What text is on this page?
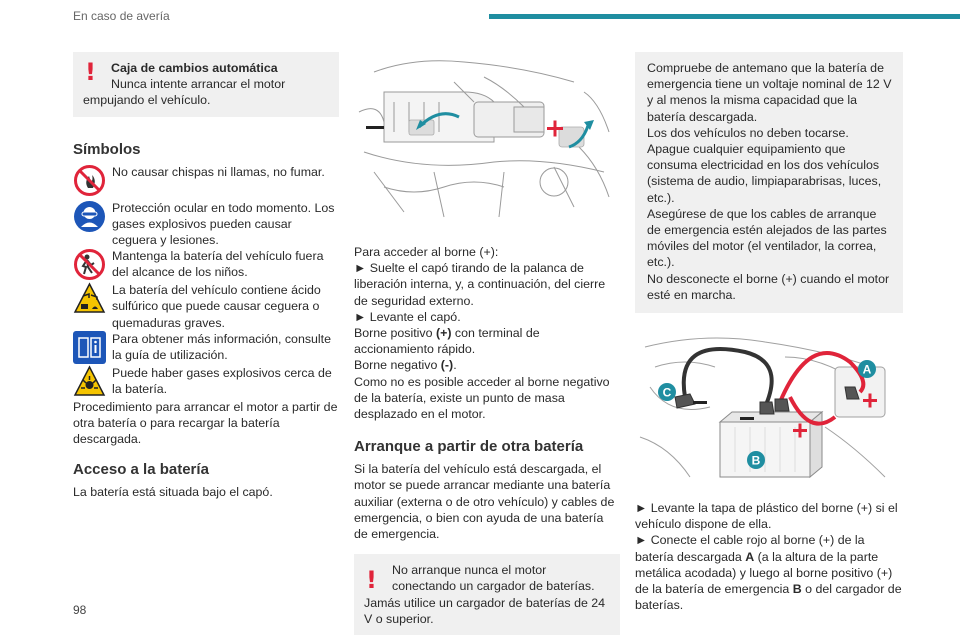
En caso de avería
!	Caja de cambios automática
Nunca intente arrancar el motor
empujando el vehículo.
Símbolos
No causar chispas ni llamas, no fumar.
Protección ocular en todo momento. Los gases explosivos pueden causar ceguera y lesiones.
Mantenga la batería del vehículo fuera del alcance de los niños.
La batería del vehículo contiene ácido sulfúrico que puede causar ceguera o quemaduras graves.
Para obtener más información, consulte la guía de utilización.
Puede haber gases explosivos cerca de la batería.
Procedimiento para arrancar el motor a partir de otra batería o para recargar la batería descargada.
Acceso a la batería
La batería está situada bajo el capó.
Para acceder al borne (+):
► Suelte el capó tirando de la palanca de liberación interna, y, a continuación, del cierre de seguridad externo.
► Levante el capó.
Borne positivo (+) con terminal de accionamiento rápido.
Borne negativo (-).
Como no es posible acceder al borne negativo de la batería, existe un punto de masa desplazado en el motor.
Arranque a partir de otra batería
Si la batería del vehículo está descargada, el motor se puede arrancar mediante una batería auxiliar (externa o de otro vehículo) y cables de emergencia, o bien con ayuda de una batería de emergencia.
!	No arranque nunca el motor conectando un cargador de baterías.
Jamás utilice un cargador de baterías de 24 V o superior.
Compruebe de antemano que la batería de emergencia tiene un voltaje nominal de 12 V y al menos la misma capacidad que la batería descargada.
Los dos vehículos no deben tocarse.
Apague cualquier equipamiento que consuma electricidad en los dos vehículos (sistema de audio, limpiaparabrisas, luces, etc.).
Asegúrese de que los cables de arranque de emergencia estén alejados de las partes móviles del motor (el ventilador, la correa, etc.).
No desconecte el borne (+) cuando el motor esté en marcha.
A
B
C
► Levante la tapa de plástico del borne (+) si el vehículo dispone de ella.
► Conecte el cable rojo al borne (+) de la batería descargada A (a la altura de la parte metálica acodada) y luego al borne positivo (+) de la batería de emergencia B o del cargador de baterías.
98
